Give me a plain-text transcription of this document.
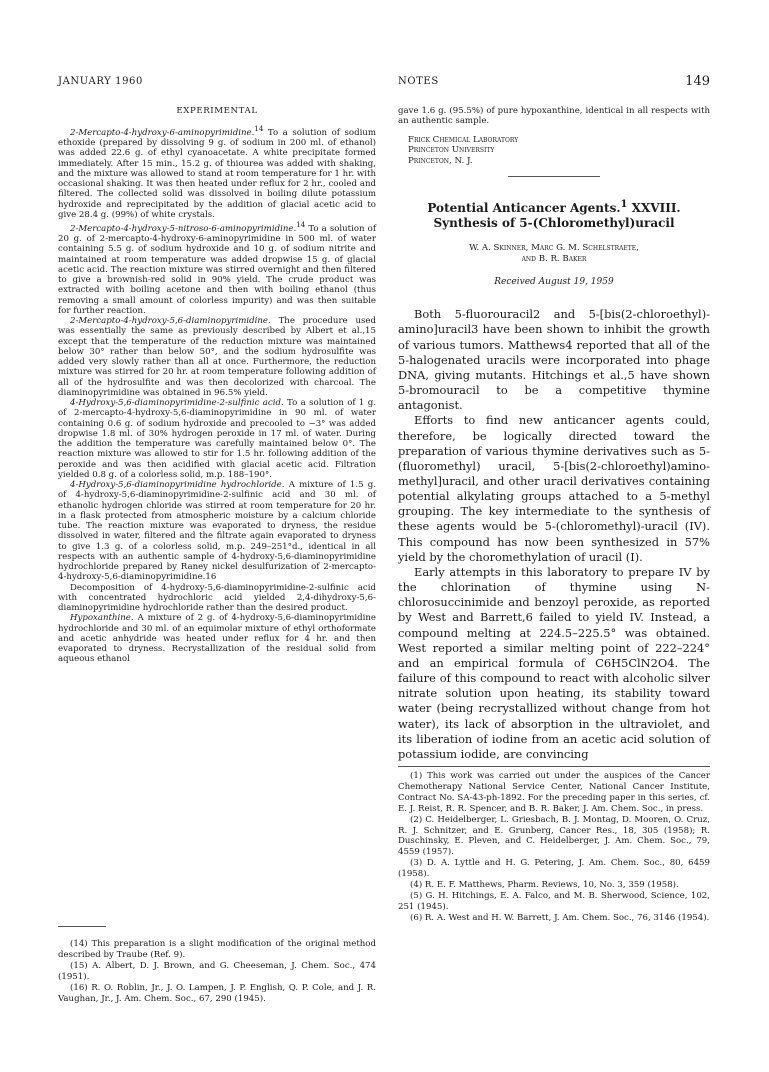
JANUARY 1960	NOTES	149
EXPERIMENTAL

2-Mercapto-4-hydroxy-6-aminopyrimidine.$^{14}$ To a solution of sodium ethoxide (prepared by dissolving 9 g. of sodium in 200 ml. of ethanol) was added 22.6 g. of ethyl cyanoacetate. A white precipitate formed immediately. After 15 min., 15.2 g. of thiourea was added with shaking, and the mixture was allowed to stand at room temperature for 1 hr. with occasional shaking. It was then heated under reflux for 2 hr., cooled and filtered. The collected solid was dissolved in boiling dilute potassium hydroxide and reprecipitated by the addition of glacial acetic acid to give 28.4 g. (99%) of white crystals.

2-Mercapto-4-hydroxy-5-nitroso-6-aminopyrimidine.$^{14}$ To a solution of 20 g. of 2-mercapto-4-hydroxy-6-aminopyrimidine in 500 ml. of water containing 5.5 g. of sodium hydroxide and 10 g. of sodium nitrite and maintained at room temperature was added dropwise 15 g. of glacial acetic acid. The reaction mixture was stirred overnight and then filtered to give a brownish-red solid in 90% yield. The crude product was extracted with boiling acetone and then with boiling ethanol (thus removing a small amount of colorless impurity) and was then suitable for further reaction.

2-Mercapto-4-hydroxy-5,6-diaminopyrimidine. The procedure used was essentially the same as previously described by Albert et al.,15 except that the temperature of the reduction mixture was maintained below 30° rather than below 50°, and the sodium hydrosulfite was added very slowly rather than all at once. Furthermore, the reduction mixture was stirred for 20 hr. at room temperature following addition of all of the hydrosulfite and was then decolorized with charcoal. The diaminopyrimidine was obtained in 96.5% yield.

4-Hydroxy-5,6-diaminopyrimidine-2-sulfinic acid. To a solution of 1 g. of 2-mercapto-4-hydroxy-5,6-diaminopyrimidine in 90 ml. of water containing 0.6 g. of sodium hydroxide and precooled to −3° was added dropwise 1.8 ml. of 30% hydrogen peroxide in 17 ml. of water. During the addition the temperature was carefully maintained below 0°. The reaction mixture was allowed to stir for 1.5 hr. following addition of the peroxide and was then acidified with glacial acetic acid. Filtration yielded 0.8 g. of a colorless solid, m.p. 188–190°.

4-Hydroxy-5,6-diaminopyrimidine hydrochloride. A mixture of 1.5 g. of 4-hydroxy-5,6-diaminopyrimidine-2-sulfinic acid and 30 ml. of ethanolic hydrogen chloride was stirred at room temperature for 20 hr. in a flask protected from atmospheric moisture by a calcium chloride tube. The reaction mixture was evaporated to dryness, the residue dissolved in water, filtered and the filtrate again evaporated to dryness to give 1.3 g. of a colorless solid, m.p. 249–251°d., identical in all respects with an authentic sample of 4-hydroxy-5,6-diaminopyrimidine hydrochloride prepared by Raney nickel desulfurization of 2-mercapto-4-hydroxy-5,6-diaminopyrimidine.16

Decomposition of 4-hydroxy-5,6-diaminopyrimidine-2-sulfinic acid with concentrated hydrochloric acid yielded 2,4-dihydroxy-5,6-diaminopyrimidine hydrochloride rather than the desired product.

Hypoxanthine. A mixture of 2 g. of 4-hydroxy-5,6-diaminopyrimidine hydrochloride and 30 ml. of an equimolar mixture of ethyl orthoformate and acetic anhydride was heated under reflux for 4 hr. and then evaporated to dryness. Recrystallization of the residual solid from aqueous ethanol

(14) This preparation is a slight modification of the original method described by Traube (Ref. 9).

(15) A. Albert, D. J. Brown, and G. Cheeseman, J. Chem. Soc., 474 (1951).

(16) R. O. Roblin, Jr., J. O. Lampen, J. P. English, Q. P. Cole, and J. R. Vaughan, Jr., J. Am. Chem. Soc., 67, 290 (1945).

gave 1.6 g. (95.5%) of pure hypoxanthine, identical in all respects with an authentic sample.

Frick Chemical Laboratory
Princeton University
Princeton, N. J.
Potential Anticancer Agents.$^1$ XXVIII.
Synthesis of 5-(Chloromethyl)uracil
W. A. Skinner, Marc G. M. Schelstraete,
and B. R. Baker
Received August 19, 1959

Both 5-fluorouracil2 and 5-[bis(2-chloroethyl)-amino]uracil3 have been shown to inhibit the growth of various tumors. Matthews4 reported that all of the 5-halogenated uracils were incorporated into phage DNA, giving mutants. Hitchings et al.,5 have shown 5-bromouracil to be a competitive thymine antagonist.

Efforts to find new anticancer agents could, therefore, be logically directed toward the preparation of various thymine derivatives such as 5-(fluoromethyl) uracil, 5-[bis(2-chloroethyl)amino-methyl]uracil, and other uracil derivatives containing potential alkylating groups attached to a 5-methyl grouping. The key intermediate to the synthesis of these agents would be 5-(chloromethyl)-uracil (IV). This compound has now been synthesized in 57% yield by the choromethylation of uracil (I).

Early attempts in this laboratory to prepare IV by the chlorination of thymine using N-chlorosuccinimide and benzoyl peroxide, as reported by West and Barrett,6 failed to yield IV. Instead, a compound melting at 224.5–225.5° was obtained. West reported a similar melting point of 222–224° and an empirical formula of C6H5ClN2O4. The failure of this compound to react with alcoholic silver nitrate solution upon heating, its stability toward water (being recrystallized without change from hot water), its lack of absorption in the ultraviolet, and its liberation of iodine from an acetic acid solution of potassium iodide, are convincing

(1) This work was carried out under the auspices of the Cancer Chemotherapy National Service Center, National Cancer Institute, Contract No. SA-43-ph-1892. For the preceding paper in this series, cf. E. J. Reist, R. R. Spencer, and B. R. Baker, J. Am. Chem. Soc., in press.

(2) C. Heidelberger, L. Griesbach, B. J. Montag, D. Mooren, O. Cruz, R. J. Schnitzer, and E. Grunberg, Cancer Res., 18, 305 (1958); R. Duschinsky, E. Pleven, and C. Heidelberger, J. Am. Chem. Soc., 79, 4559 (1957).

(3) D. A. Lyttle and H. G. Petering, J. Am. Chem. Soc., 80, 6459 (1958).

(4) R. E. F. Matthews, Pharm. Reviews, 10, No. 3, 359 (1958).

(5) G. H. Hitchings, E. A. Falco, and M. B. Sherwood, Science, 102, 251 (1945).

(6) R. A. West and H. W. Barrett, J. Am. Chem. Soc., 76, 3146 (1954).
